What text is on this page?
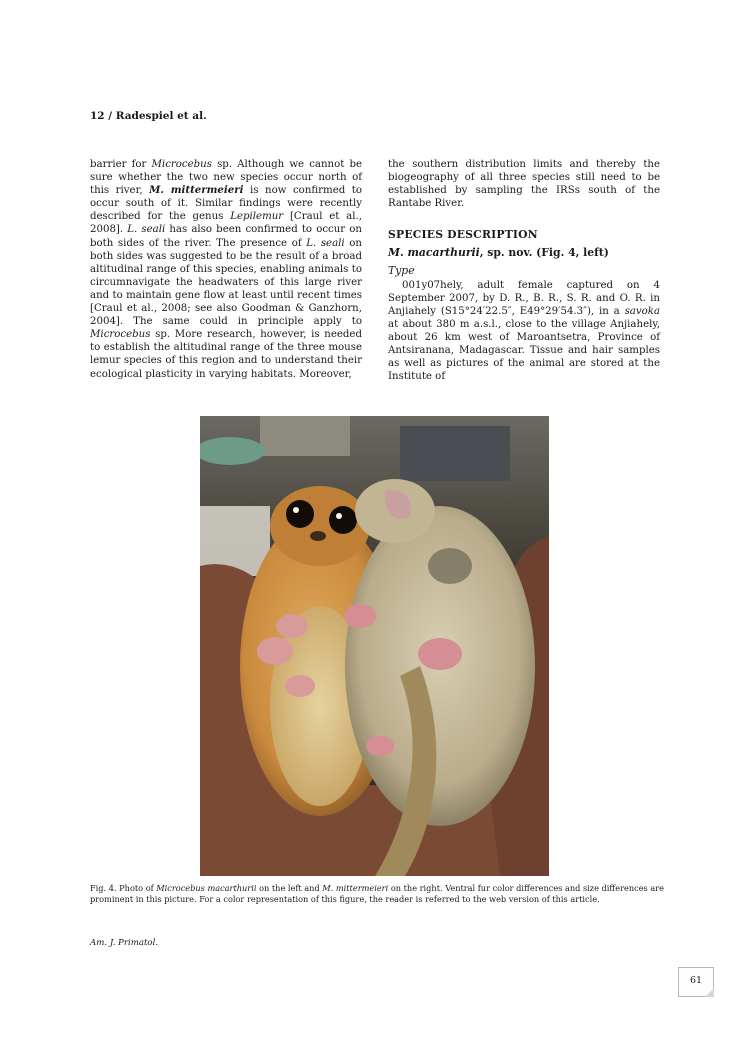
12 / Radespiel et al.

barrier for Microcebus sp. Although we cannot be sure whether the two new species occur north of this river, M. mittermeieri is now confirmed to occur south of it. Similar findings were recently described for the genus Lepilemur [Craul et al., 2008]. L. seali has also been confirmed to occur on both sides of the river. The presence of L. seali on both sides was suggested to be the result of a broad altitudinal range of this species, enabling animals to circumnavigate the headwaters of this large river and to maintain gene flow at least until recent times [Craul et al., 2008; see also Goodman & Ganzhorn, 2004]. The same could in principle apply to Microcebus sp. More research, however, is needed to establish the altitudinal range of the three mouse lemur species of this region and to understand their ecological plasticity in varying habitats. Moreover,

the southern distribution limits and thereby the biogeography of all three species still need to be established by sampling the IRSs south of the Rantabe River.

SPECIES DESCRIPTION
M. macarthurii, sp. nov. (Fig. 4, left)
Type

001y07hely, adult female captured on 4 September 2007, by D. R., B. R., S. R. and O. R. in Anjiahely (S15°24′22.5″, E49°29′54.3″), in a savoka at about 380 m a.s.l., close to the village Anjiahely, about 26 km west of Maroantsetra, Province of Antsiranana, Madagascar. Tissue and hair samples as well as pictures of the animal are stored at the Institute of

Fig. 4. Photo of Microcebus macarthurii on the left and M. mittermeieri on the right. Ventral fur color differences and size differences are prominent in this picture. For a color representation of this figure, the reader is referred to the web version of this article.

Am. J. Primatol.
61
